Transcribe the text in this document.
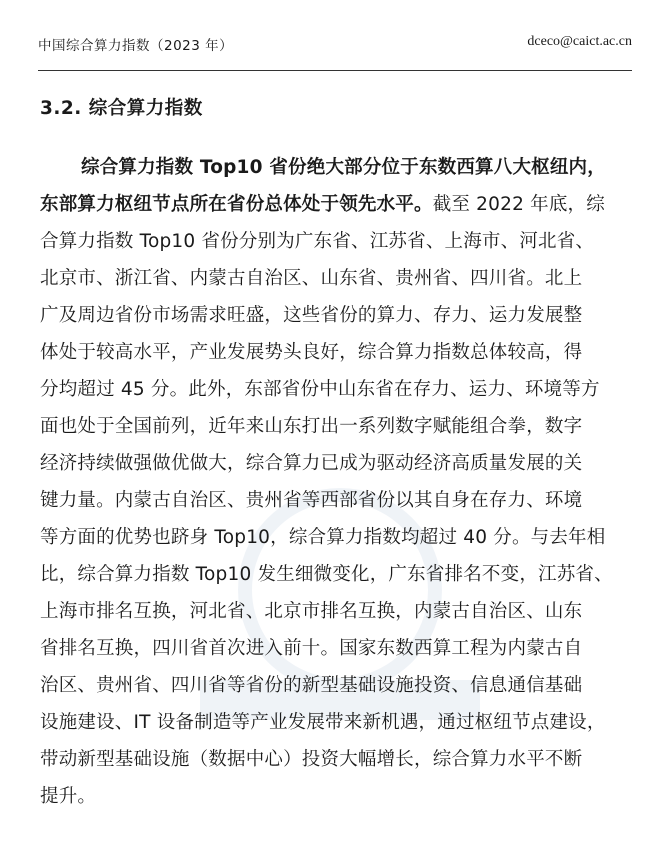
中国综合算力指数（2023 年）	dceco@caict.ac.cn
3.2. 综合算力指数
综合算力指数 Top10 省份绝大部分位于东数西算八大枢纽内，
东部算力枢纽节点所在省份总体处于领先水平。截至 2022 年底，综
合算力指数 Top10 省份分别为广东省、江苏省、上海市、河北省、
北京市、浙江省、内蒙古自治区、山东省、贵州省、四川省。北上
广及周边省份市场需求旺盛，这些省份的算力、存力、运力发展整
体处于较高水平，产业发展势头良好，综合算力指数总体较高，得
分均超过 45 分。此外，东部省份中山东省在存力、运力、环境等方
面也处于全国前列，近年来山东打出一系列数字赋能组合拳，数字
经济持续做强做优做大，综合算力已成为驱动经济高质量发展的关
键力量。内蒙古自治区、贵州省等西部省份以其自身在存力、环境
等方面的优势也跻身 Top10，综合算力指数均超过 40 分。与去年相
比，综合算力指数 Top10 发生细微变化，广东省排名不变，江苏省、
上海市排名互换，河北省、北京市排名互换，内蒙古自治区、山东
省排名互换，四川省首次进入前十。国家东数西算工程为内蒙古自
治区、贵州省、四川省等省份的新型基础设施投资、信息通信基础
设施建设、IT 设备制造等产业发展带来新机遇，通过枢纽节点建设，
带动新型基础设施（数据中心）投资大幅增长，综合算力水平不断
提升。
